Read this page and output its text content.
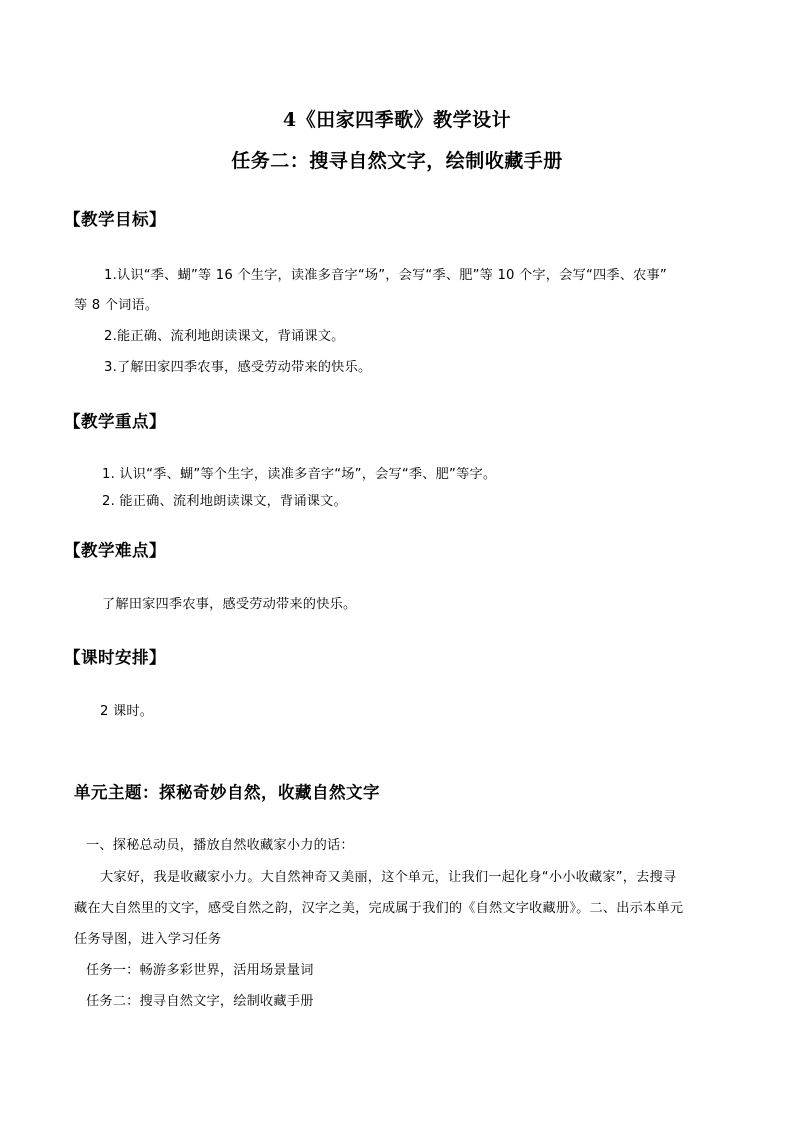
4《田家四季歌》教学设计
任务二：搜寻自然文字，绘制收藏手册
【教学目标】
1.认识“季、蝴”等 16 个生字，读准多音字“场”，会写“季、肥”等 10 个字，会写“四季、农事”
等 8 个词语。
2.能正确、流利地朗读课文，背诵课文。
3.了解田家四季农事，感受劳动带来的快乐。
【教学重点】
1. 认识“季、蝴”等个生字，读准多音字“场”，会写“季、肥”等字。
2. 能正确、流利地朗读课文，背诵课文。
【教学难点】
了解田家四季农事，感受劳动带来的快乐。
【课时安排】
2 课时。
单元主题：探秘奇妙自然，收藏自然文字
一、探秘总动员，播放自然收藏家小力的话：
大家好，我是收藏家小力。大自然神奇又美丽，这个单元，让我们一起化身“小小收藏家”，去搜寻
藏在大自然里的文字，感受自然之韵，汉字之美，完成属于我们的《自然文字收藏册》。二、出示本单元
任务导图，进入学习任务
任务一：畅游多彩世界，活用场景量词
任务二：搜寻自然文字，绘制收藏手册
